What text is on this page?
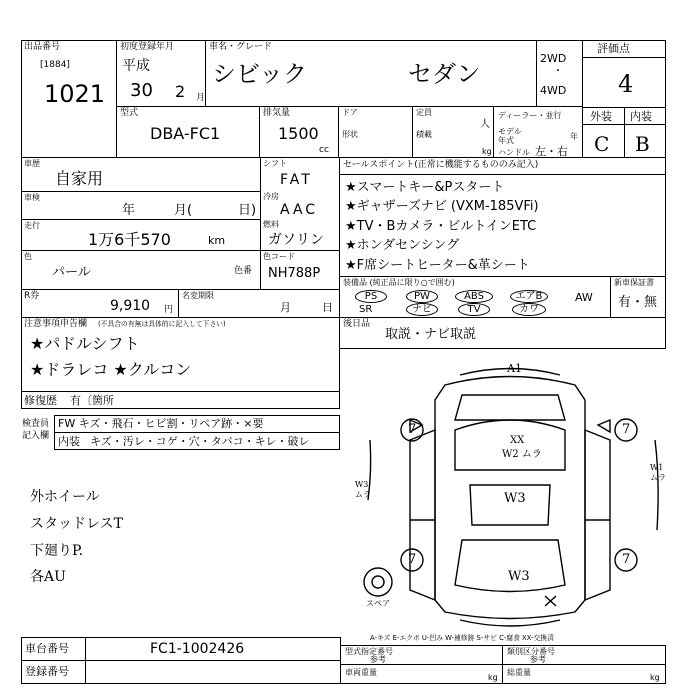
出品番号
[1884]
1021
初度登録年月
平成
30 2 月
車名・グレード
シビック	セダン
2WD
・
4WD
評価点
4
外装 内装
C B
型式
DBA-FC1
排気量
1500
cc
ドア
形状
定員
人
積載
kg
ディーラー・並行
モデル
年式	年
ハンドル 左・右
車歴
自家用
車検
年	月(	日)
走行
1万6千570	km
色
パール	色番
シフト
FAT
冷房
AAC
燃料
ガソリン
色コード
NH788P
セールスポイント(正常に機能するもののみ記入)
★スマートキー&Pスタート
★ギャザーズナビ (VXM-185VFi)
★TV・Bカメラ・ビルトインETC
★ホンダセンシング
★F席シートヒーター&革シート
装備品 (純正品に限り○で囲む)	新車保証書
有・無
PS	PW	ABS	エアB	AW
SR	ナビ	TV	カワ
R券
9,910 円
名変期限
月	日
注意事項申告欄 (不具合の有無は具体的に記入して下さい)
★パドルシフト
★ドラレコ ★クルコン
修復歴 有〔箇所
後日品
取説・ナビ取説
検査員
記入欄
FW キズ・飛石・ヒビ割・リペア跡・×要
内装 キズ・汚レ・コゲ・穴・タバコ・キレ・破レ
外ホイール
スタッドレスT
下廻りP.
各AU
A1
XX
W2 ムラ
W3
W3
7	7
7	7
W3
ムラ
W1
ムラ
スペア
A-キズ E-エクボ U-凹み W-補修跡 S-サビ C-腐食 XX-交換済
車台番号	FC1-1002426
登録番号
型式指定番号
参考
類別区分番号
参考
車両重量
kg
総重量
kg
